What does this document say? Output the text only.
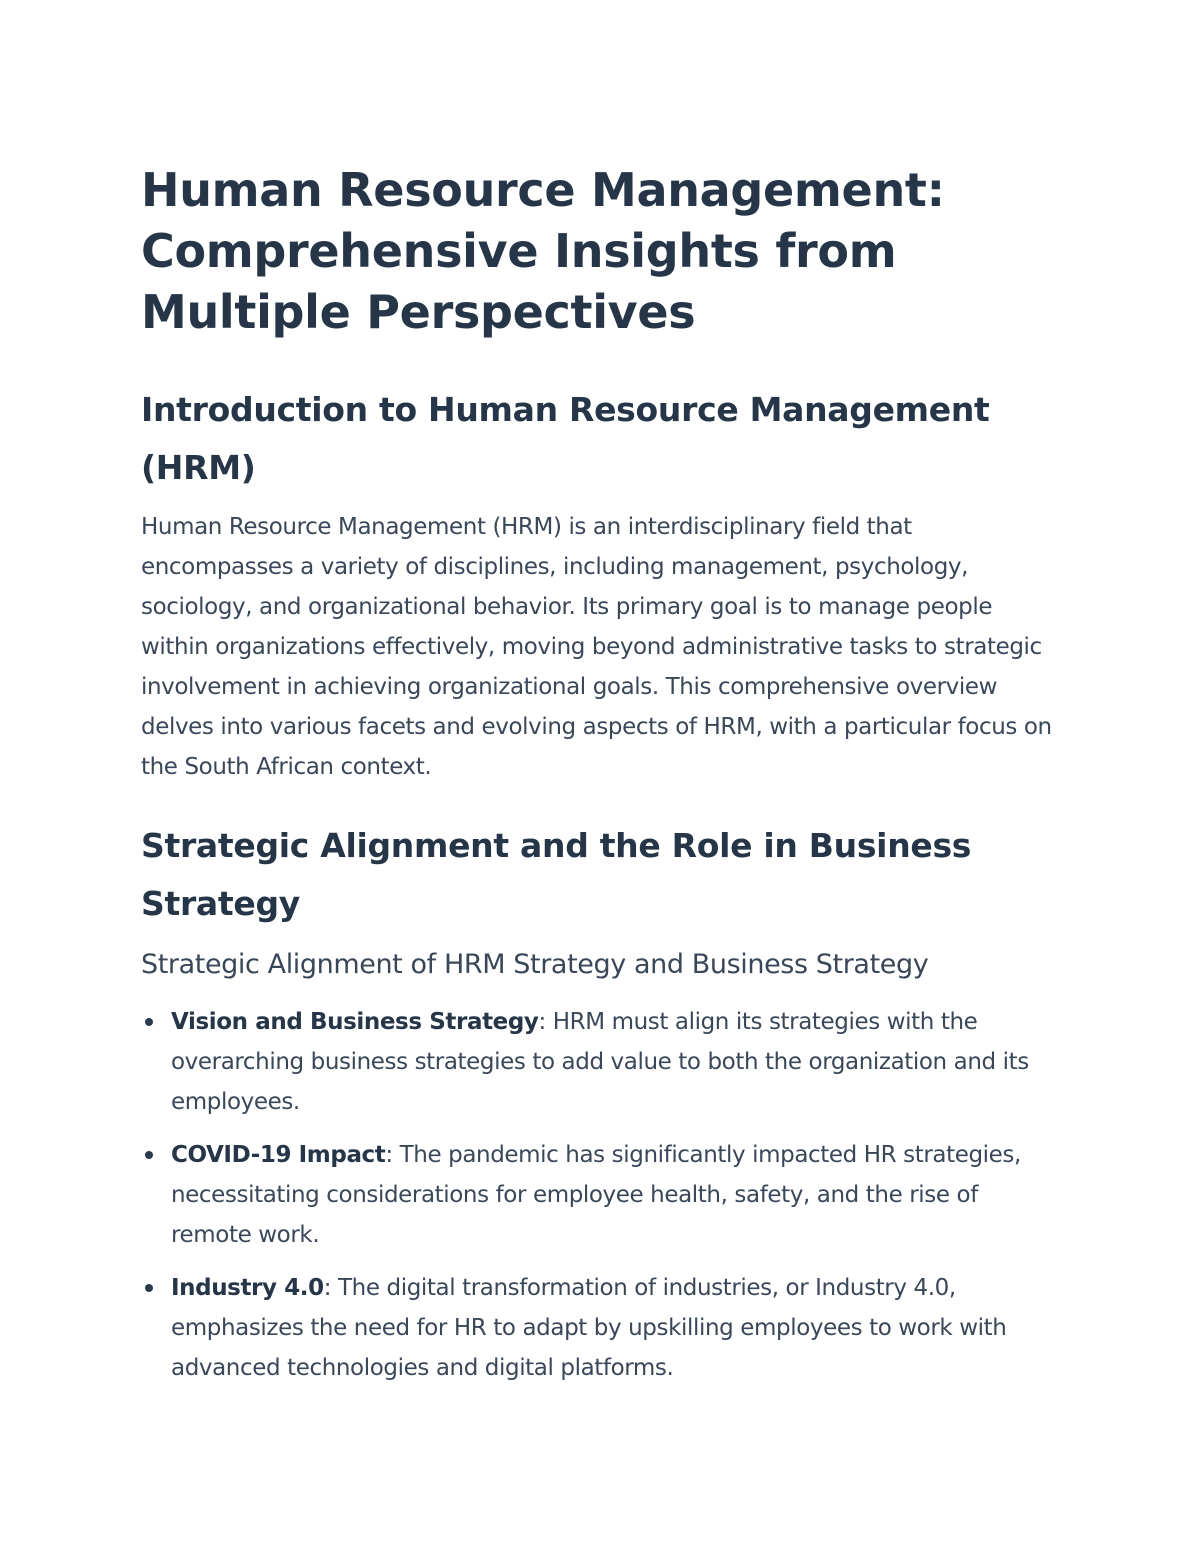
Human Resource Management: Comprehensive Insights from Multiple Perspectives
Introduction to Human Resource Management (HRM)

Human Resource Management (HRM) is an interdisciplinary field that encompasses a variety of disciplines, including management, psychology, sociology, and organizational behavior. Its primary goal is to manage people within organizations effectively, moving beyond administrative tasks to strategic involvement in achieving organizational goals. This comprehensive overview delves into various facets and evolving aspects of HRM, with a particular focus on the South African context.

Strategic Alignment and the Role in Business Strategy
Strategic Alignment of HRM Strategy and Business Strategy
Vision and Business Strategy: HRM must align its strategies with the overarching business strategies to add value to both the organization and its employees.
COVID-19 Impact: The pandemic has significantly impacted HR strategies, necessitating considerations for employee health, safety, and the rise of remote work.
Industry 4.0: The digital transformation of industries, or Industry 4.0, emphasizes the need for HR to adapt by upskilling employees to work with advanced technologies and digital platforms.
